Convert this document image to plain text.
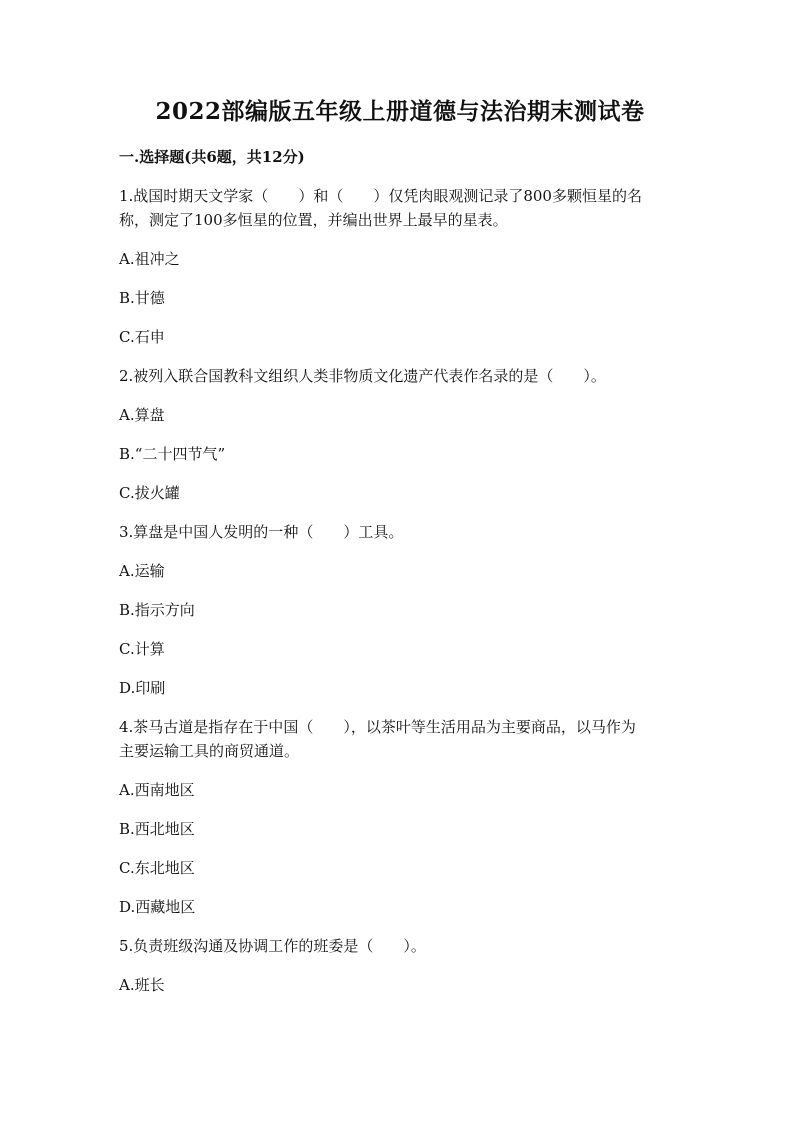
2022部编版五年级上册道德与法治期末测试卷
一.选择题(共6题，共12分)
1.战国时期天文学家（　　）和（　　）仅凭肉眼观测记录了800多颗恒星的名
称，测定了100多恒星的位置，并编出世界上最早的星表。
A.祖冲之
B.甘德
C.石申
2.被列入联合国教科文组织人类非物质文化遗产代表作名录的是（　　）。
A.算盘
B.“二十四节气”
C.拔火罐
3.算盘是中国人发明的一种（　　）工具。
A.运输
B.指示方向
C.计算
D.印刷
4.茶马古道是指存在于中国（　　），以茶叶等生活用品为主要商品，以马作为
主要运输工具的商贸通道。
A.西南地区
B.西北地区
C.东北地区
D.西藏地区
5.负责班级沟通及协调工作的班委是（　　）。
A.班长
